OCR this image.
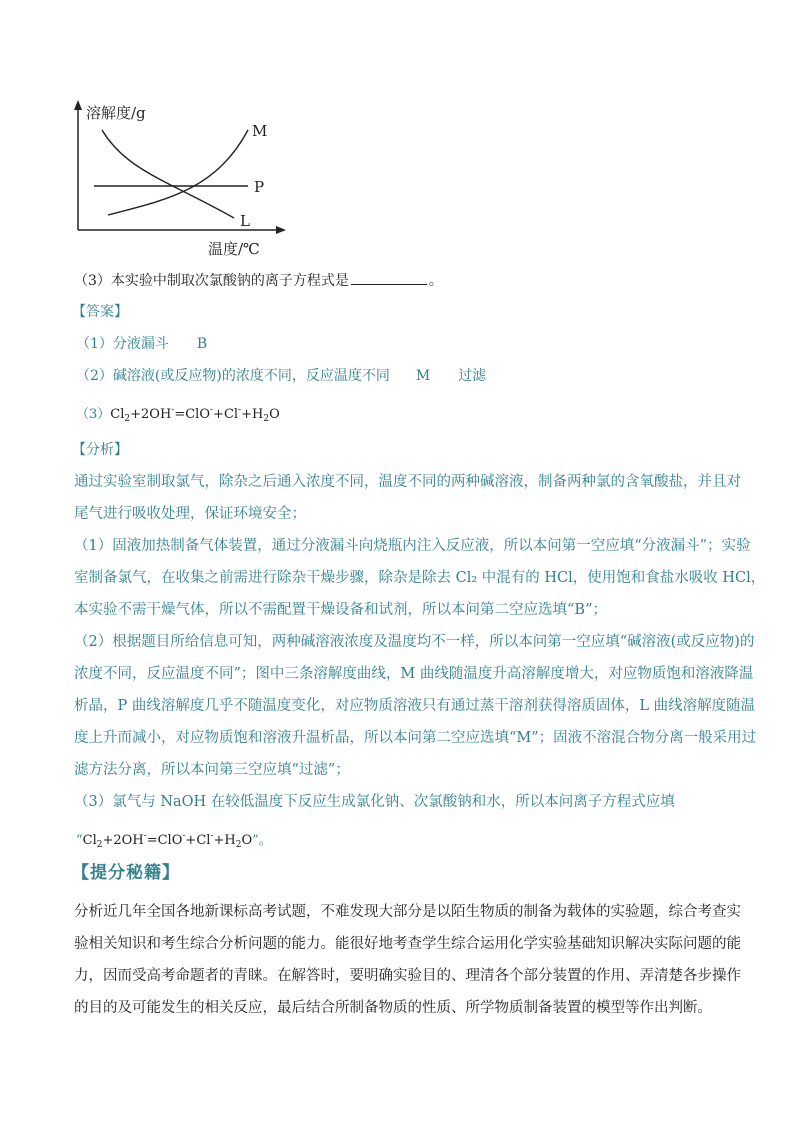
溶解度/g
温度/℃
M
P
L
（3）本实验中制取次氯酸钠的离子方程式是	。
【答案】
（1）分液漏斗 B
（2）碱溶液(或反应物)的浓度不同，反应温度不同 M 过滤
$(3)Cl_2+2OH^-=ClO^-+Cl^-+H_2O$
【分析】
通过实验室制取氯气，除杂之后通入浓度不同，温度不同的两种碱溶液，制备两种氯的含氧酸盐，并且对
尾气进行吸收处理，保证环境安全；
（1）固液加热制备气体装置，通过分液漏斗向烧瓶内注入反应液，所以本问第一空应填“分液漏斗”；实验
室制备氯气，在收集之前需进行除杂干燥步骤，除杂是除去 Cl₂ 中混有的 HCl，使用饱和食盐水吸收 HCl，
本实验不需干燥气体，所以不需配置干燥设备和试剂，所以本问第二空应选填“B”；
（2）根据题目所给信息可知，两种碱溶液浓度及温度均不一样，所以本问第一空应填“碱溶液(或反应物)的
浓度不同，反应温度不同”；图中三条溶解度曲线，M 曲线随温度升高溶解度增大，对应物质饱和溶液降温
析晶，P 曲线溶解度几乎不随温度变化，对应物质溶液只有通过蒸干溶剂获得溶质固体，L 曲线溶解度随温
度上升而减小，对应物质饱和溶液升温析晶，所以本问第二空应选填“M”；固液不溶混合物分离一般采用过
滤方法分离，所以本问第三空应填“过滤”；
（3）氯气与 NaOH 在较低温度下反应生成氯化钠、次氯酸钠和水，所以本问离子方程式应填
“$Cl_2+2OH^-=ClO^-+Cl^-+H_2O$”。
【提分秘籍】
分析近几年全国各地新课标高考试题，不难发现大部分是以陌生物质的制备为载体的实验题，综合考查实
验相关知识和考生综合分析问题的能力。能很好地考查学生综合运用化学实验基础知识解决实际问题的能
力，因而受高考命题者的青睐。在解答时，要明确实验目的、理清各个部分装置的作用、弄清楚各步操作
的目的及可能发生的相关反应，最后结合所制备物质的性质、所学物质制备装置的模型等作出判断。
